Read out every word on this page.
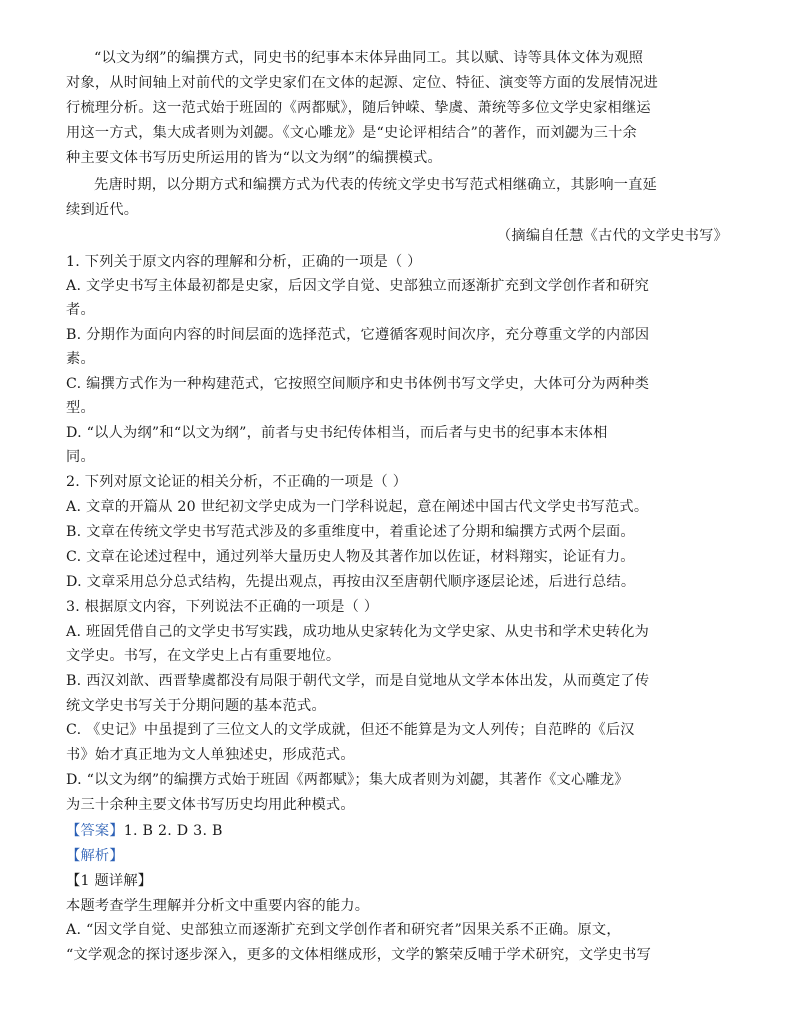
“以文为纲”的编撰方式，同史书的纪事本末体异曲同工。其以赋、诗等具体文体为观照
对象，从时间轴上对前代的文学史家们在文体的起源、定位、特征、演变等方面的发展情况进
行梳理分析。这一范式始于班固的《两都赋》，随后钟嵘、挚虞、萧统等多位文学史家相继运
用这一方式，集大成者则为刘勰。《文心雕龙》是“史论评相结合”的著作，而刘勰为三十余
种主要文体书写历史所运用的皆为“以文为纲”的编撰模式。
先唐时期，以分期方式和编撰方式为代表的传统文学史书写范式相继确立，其影响一直延
续到近代。
（摘编自任慧《古代的文学史书写》
1. 下列关于原文内容的理解和分析，正确的一项是（ ）
A. 文学史书写主体最初都是史家，后因文学自觉、史部独立而逐渐扩充到文学创作者和研究
者。
B. 分期作为面向内容的时间层面的选择范式，它遵循客观时间次序，充分尊重文学的内部因
素。
C. 编撰方式作为一种构建范式，它按照空间顺序和史书体例书写文学史，大体可分为两种类
型。
D. “以人为纲”和“以文为纲”，前者与史书纪传体相当，而后者与史书的纪事本末体相
同。
2. 下列对原文论证的相关分析，不正确的一项是（ ）
A. 文章的开篇从 20 世纪初文学史成为一门学科说起，意在阐述中国古代文学史书写范式。
B. 文章在传统文学史书写范式涉及的多重维度中，着重论述了分期和编撰方式两个层面。
C. 文章在论述过程中，通过列举大量历史人物及其著作加以佐证，材料翔实，论证有力。
D. 文章采用总分总式结构，先提出观点，再按由汉至唐朝代顺序逐层论述，后进行总结。
3. 根据原文内容，下列说法不正确的一项是（ ）
A. 班固凭借自己的文学史书写实践，成功地从史家转化为文学史家、从史书和学术史转化为
文学史。书写，在文学史上占有重要地位。
B. 西汉刘歆、西晋挚虞都没有局限于朝代文学，而是自觉地从文学本体出发，从而奠定了传
统文学史书写关于分期问题的基本范式。
C. 《史记》中虽提到了三位文人的文学成就，但还不能算是为文人列传；自范晔的《后汉
书》始才真正地为文人单独述史，形成范式。
D. “以文为纲”的编撰方式始于班固《两都赋》；集大成者则为刘勰，其著作《文心雕龙》
为三十余种主要文体书写历史均用此种模式。
【答案】1. B 2. D 3. B
【解析】
【1 题详解】
本题考查学生理解并分析文中重要内容的能力。
A. “因文学自觉、史部独立而逐渐扩充到文学创作者和研究者”因果关系不正确。原文，
“文学观念的探讨逐步深入，更多的文体相继成形，文学的繁荣反哺于学术研究，文学史书写
